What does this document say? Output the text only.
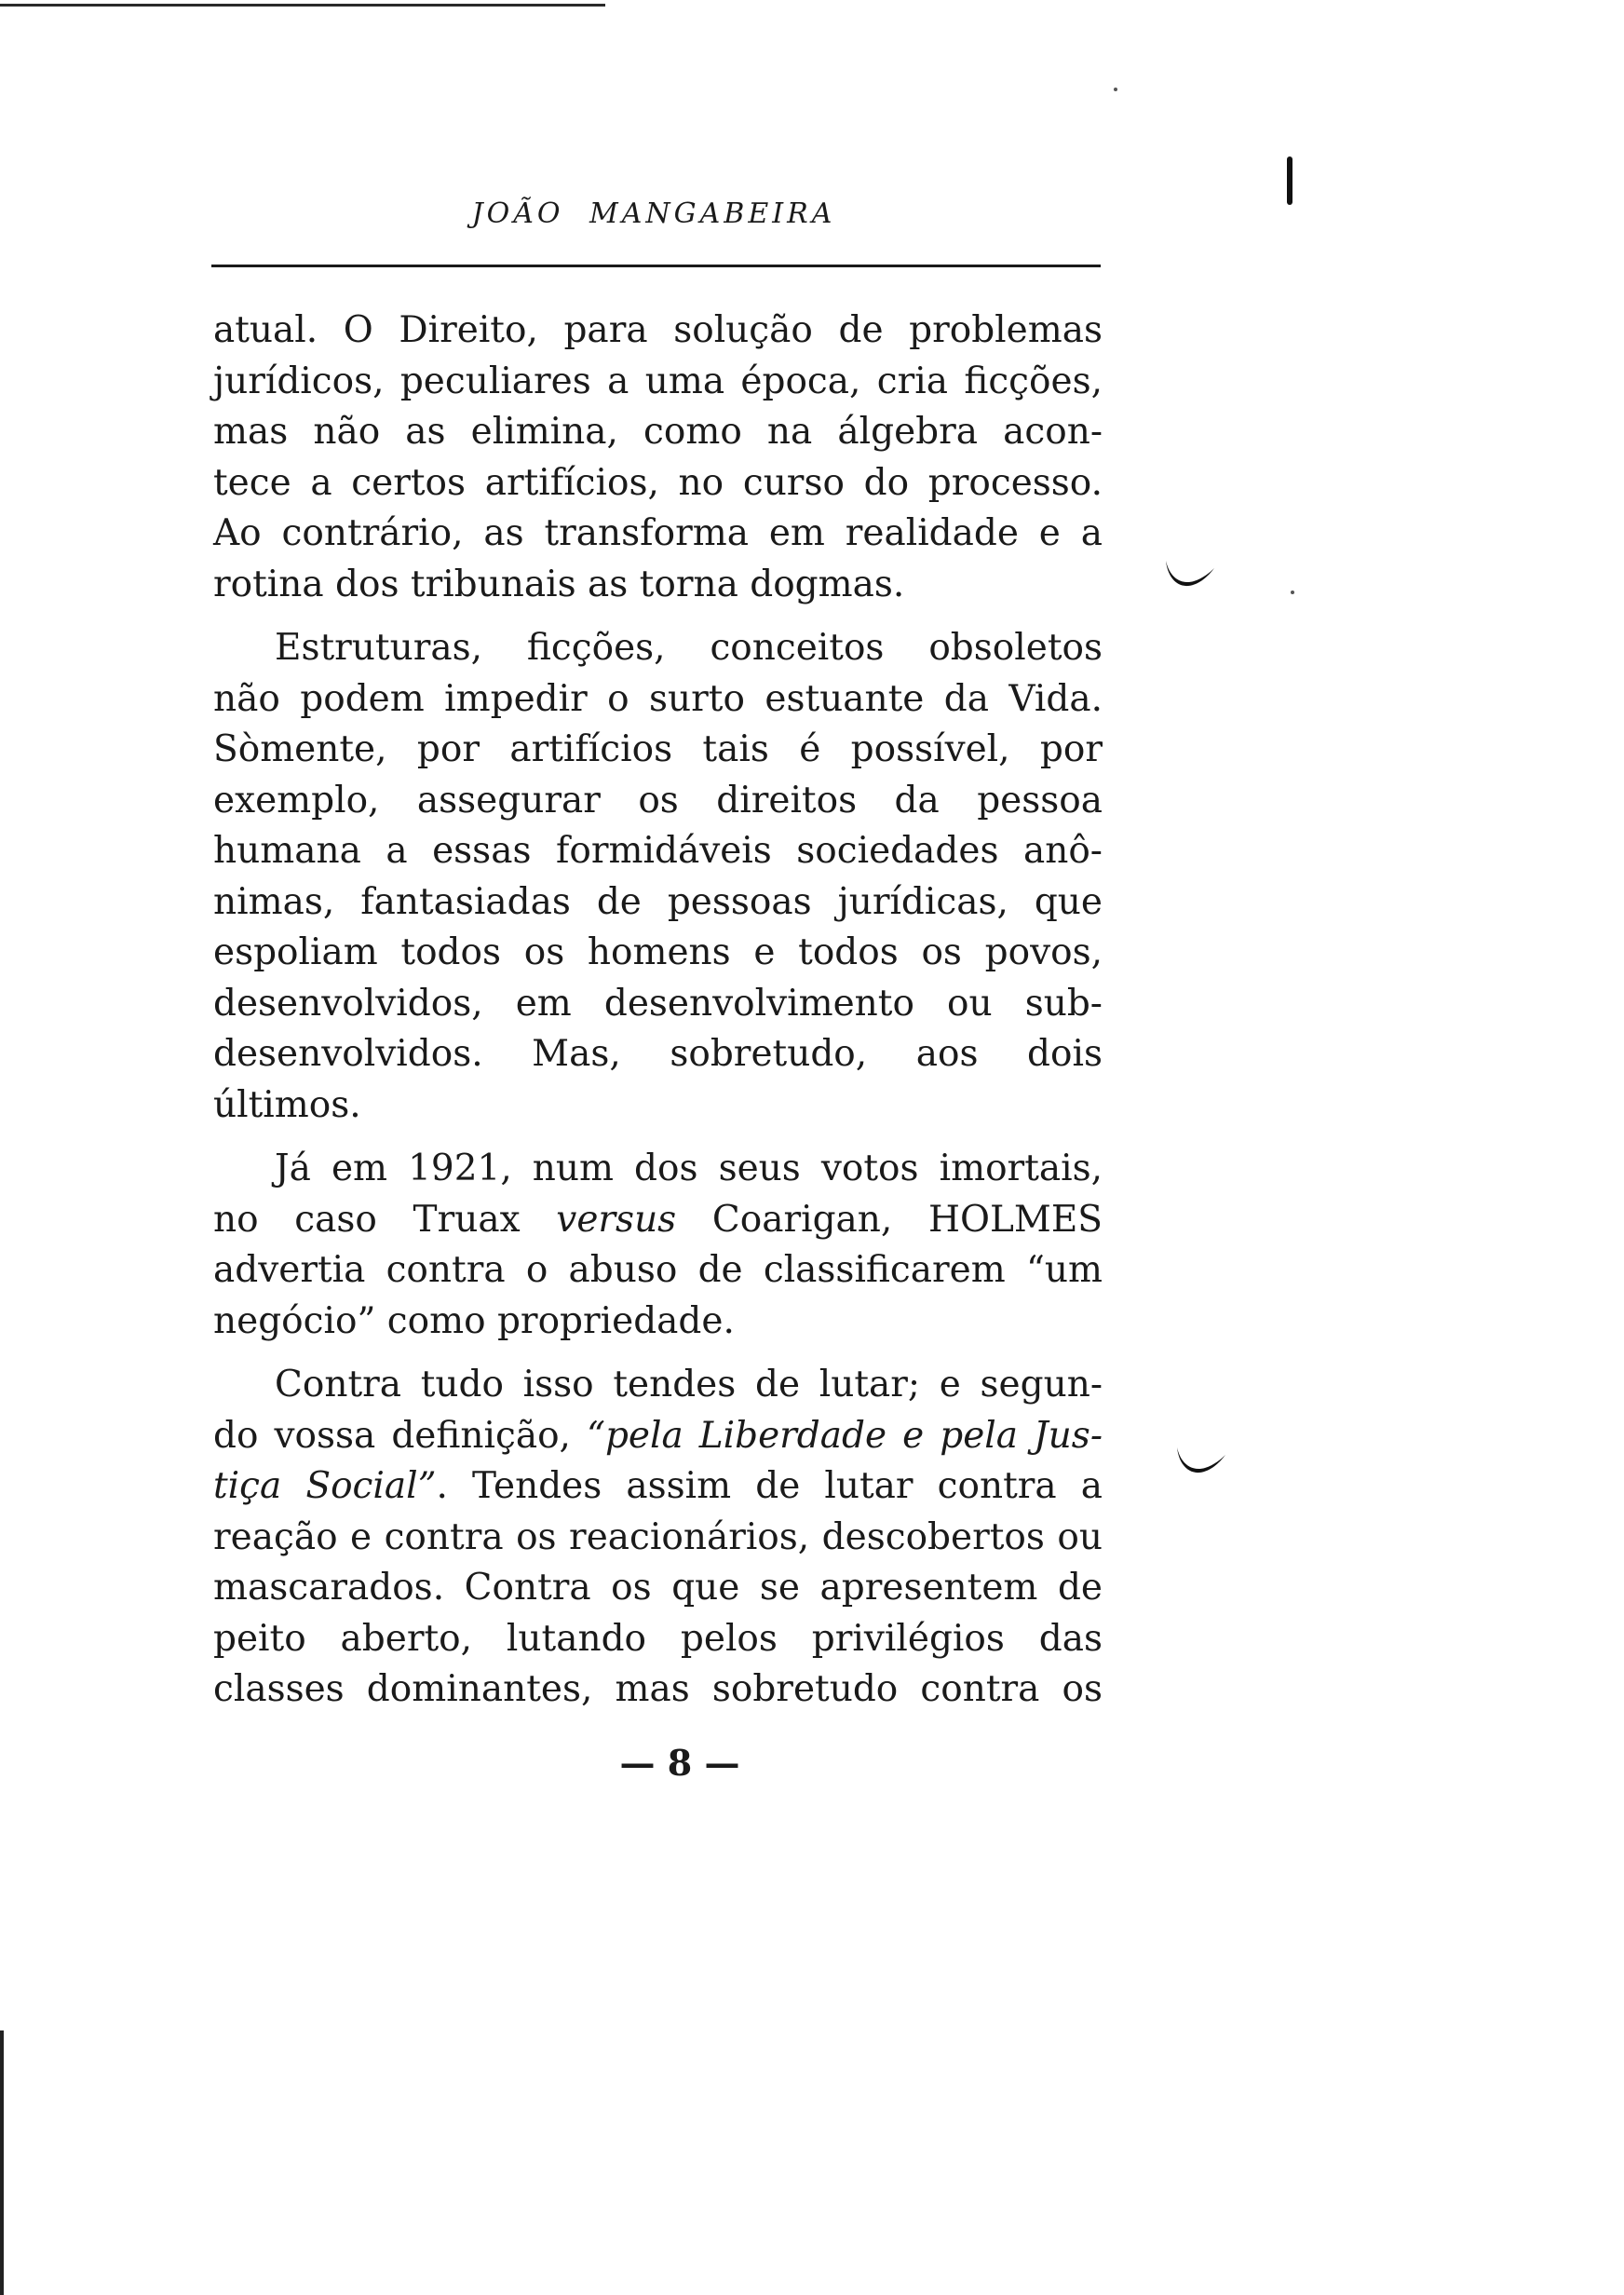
JOÃO MANGABEIRA
atual. O Direito, para solução de problemas
jurídicos, peculiares a uma época, cria ficções,
mas não as elimina, como na álgebra acon-
tece a certos artifícios, no curso do processo.
Ao contrário, as transforma em realidade e a
rotina dos tribunais as torna dogmas.
Estruturas, ficções, conceitos obsoletos
não podem impedir o surto estuante da Vida.
Sòmente, por artifícios tais é possível, por
exemplo, assegurar os direitos da pessoa
humana a essas formidáveis sociedades anô-
nimas, fantasiadas de pessoas jurídicas, que
espoliam todos os homens e todos os povos,
desenvolvidos, em desenvolvimento ou sub-
desenvolvidos. Mas, sobretudo, aos dois
últimos.
Já em 1921, num dos seus votos imortais,
no caso Truax versus Coarigan, HOLMES
advertia contra o abuso de classificarem “um
negócio” como propriedade.
Contra tudo isso tendes de lutar; e segun-
do vossa definição, “pela Liberdade e pela Jus-
tiça Social”. Tendes assim de lutar contra a
reação e contra os reacionários, descobertos ou
mascarados. Contra os que se apresentem de
peito aberto, lutando pelos privilégios das
classes dominantes, mas sobretudo contra os
— 8 —
